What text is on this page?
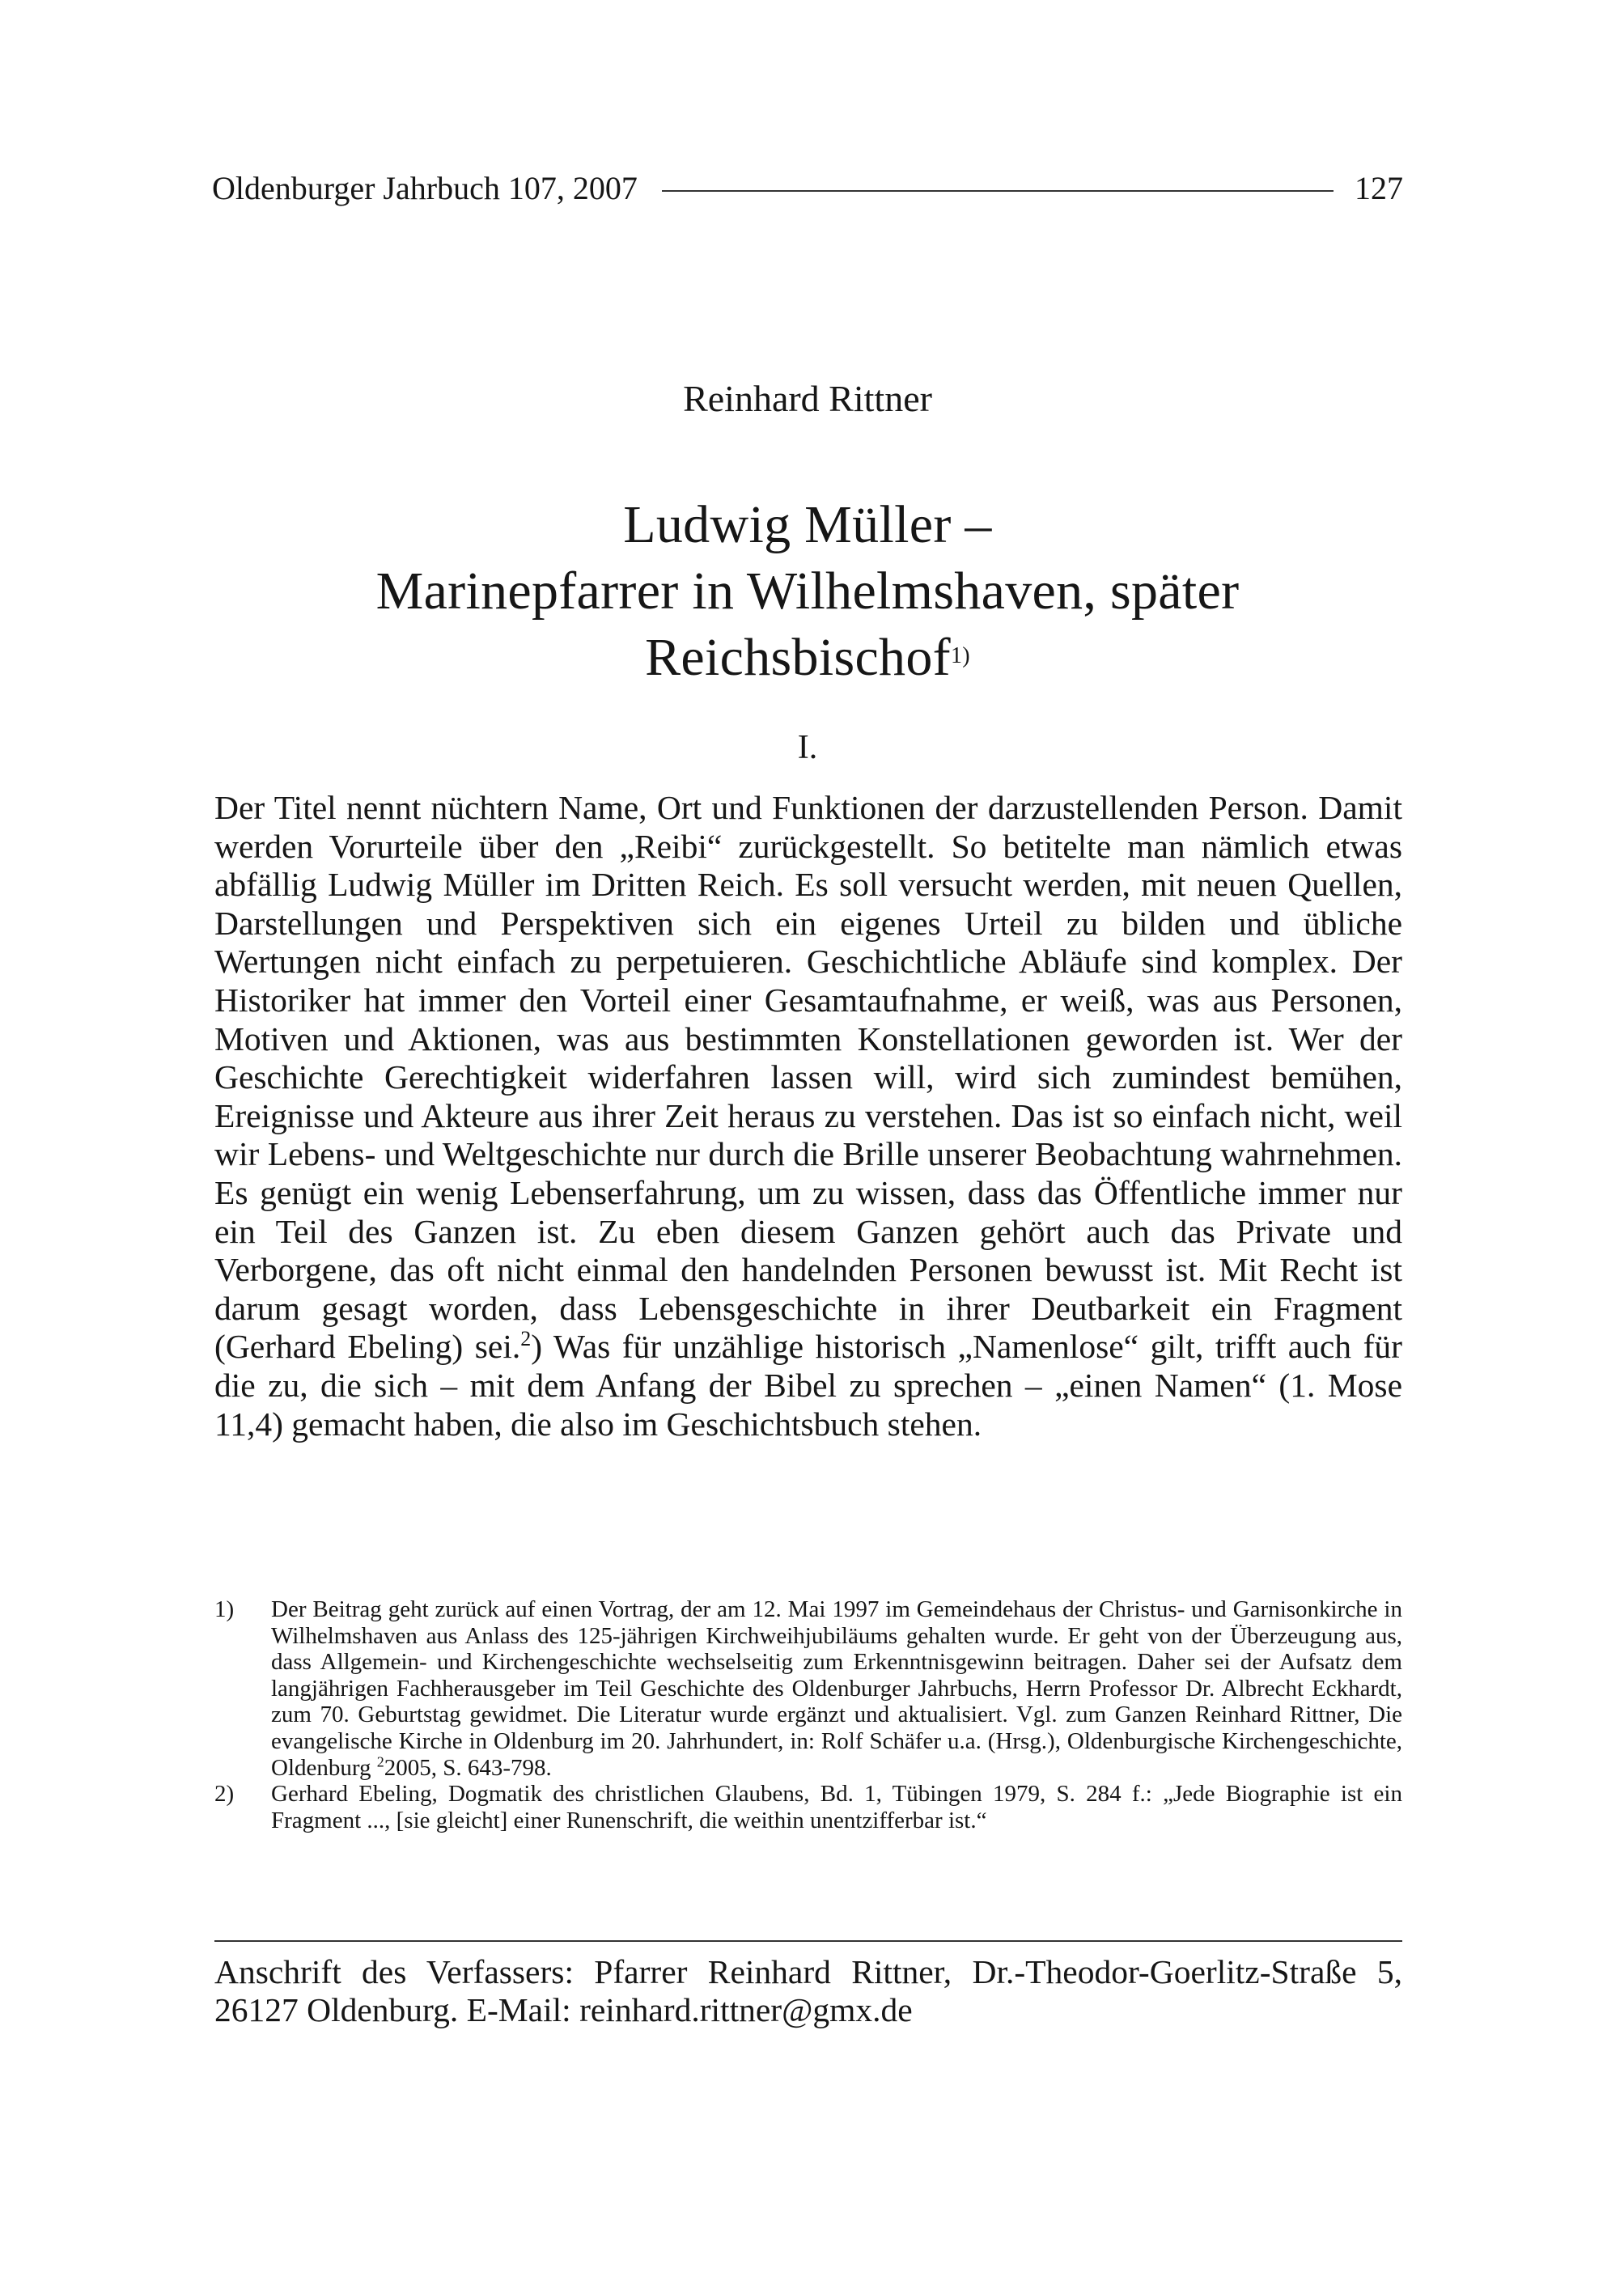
Oldenburger Jahrbuch 107, 2007	127
Reinhard Rittner
Ludwig Müller –
Marinepfarrer in Wilhelmshaven, später Reichsbischof$^{1)}$
I.

Der Titel nennt nüchtern Name, Ort und Funktionen der darzustellenden Person. Damit werden Vorurteile über den „Reibi“ zurückgestellt. So betitelte man nämlich etwas abfällig Ludwig Müller im Dritten Reich. Es soll versucht werden, mit neuen Quellen, Darstellungen und Perspektiven sich ein eigenes Urteil zu bilden und übliche Wertungen nicht einfach zu perpetuieren. Geschichtliche Abläufe sind komplex. Der Historiker hat immer den Vorteil einer Gesamtaufnahme, er weiß, was aus Personen, Motiven und Aktionen, was aus bestimmten Konstellationen geworden ist. Wer der Geschichte Gerechtigkeit widerfahren lassen will, wird sich zumindest bemühen, Ereignisse und Akteure aus ihrer Zeit heraus zu verstehen. Das ist so einfach nicht, weil wir Lebens- und Weltgeschichte nur durch die Brille unserer Beobachtung wahrnehmen. Es genügt ein wenig Lebenserfahrung, um zu wissen, dass das Öffentliche immer nur ein Teil des Ganzen ist. Zu eben diesem Ganzen gehört auch das Private und Verborgene, das oft nicht einmal den handelnden Personen bewusst ist. Mit Recht ist darum gesagt worden, dass Lebensgeschichte in ihrer Deutbarkeit ein Fragment (Gerhard Ebeling) sei.$^2$) Was für unzählige historisch „Namenlose“ gilt, trifft auch für die zu, die sich – mit dem Anfang der Bibel zu sprechen – „einen Namen“ (1. Mose 11,4) gemacht haben, die also im Geschichtsbuch stehen.

1)	Der Beitrag geht zurück auf einen Vortrag, der am 12. Mai 1997 im Gemeindehaus der Christus- und Garnisonkirche in Wilhelmshaven aus Anlass des 125-jährigen Kirchweihjubiläums gehalten wurde. Er geht von der Überzeugung aus, dass Allgemein- und Kirchengeschichte wechselseitig zum Erkenntnisgewinn beitragen. Daher sei der Aufsatz dem langjährigen Fachherausgeber im Teil Geschichte des Oldenburger Jahrbuchs, Herrn Professor Dr. Albrecht Eckhardt, zum 70. Geburtstag gewidmet. Die Literatur wurde ergänzt und aktualisiert. Vgl. zum Ganzen Reinhard Rittner, Die evangelische Kirche in Oldenburg im 20. Jahrhundert, in: Rolf Schäfer u.a. (Hrsg.), Oldenburgische Kirchengeschichte, Oldenburg $^2$2005, S. 643-798.
2)	Gerhard Ebeling, Dogmatik des christlichen Glaubens, Bd. 1, Tübingen 1979, S. 284 f.: „Jede Biographie ist ein Fragment ..., [sie gleicht] einer Runenschrift, die weithin unentzifferbar ist.“

Anschrift des Verfassers: Pfarrer Reinhard Rittner, Dr.-Theodor-Goerlitz-Straße 5, 26127 Oldenburg. E-Mail: reinhard.rittner@gmx.de
